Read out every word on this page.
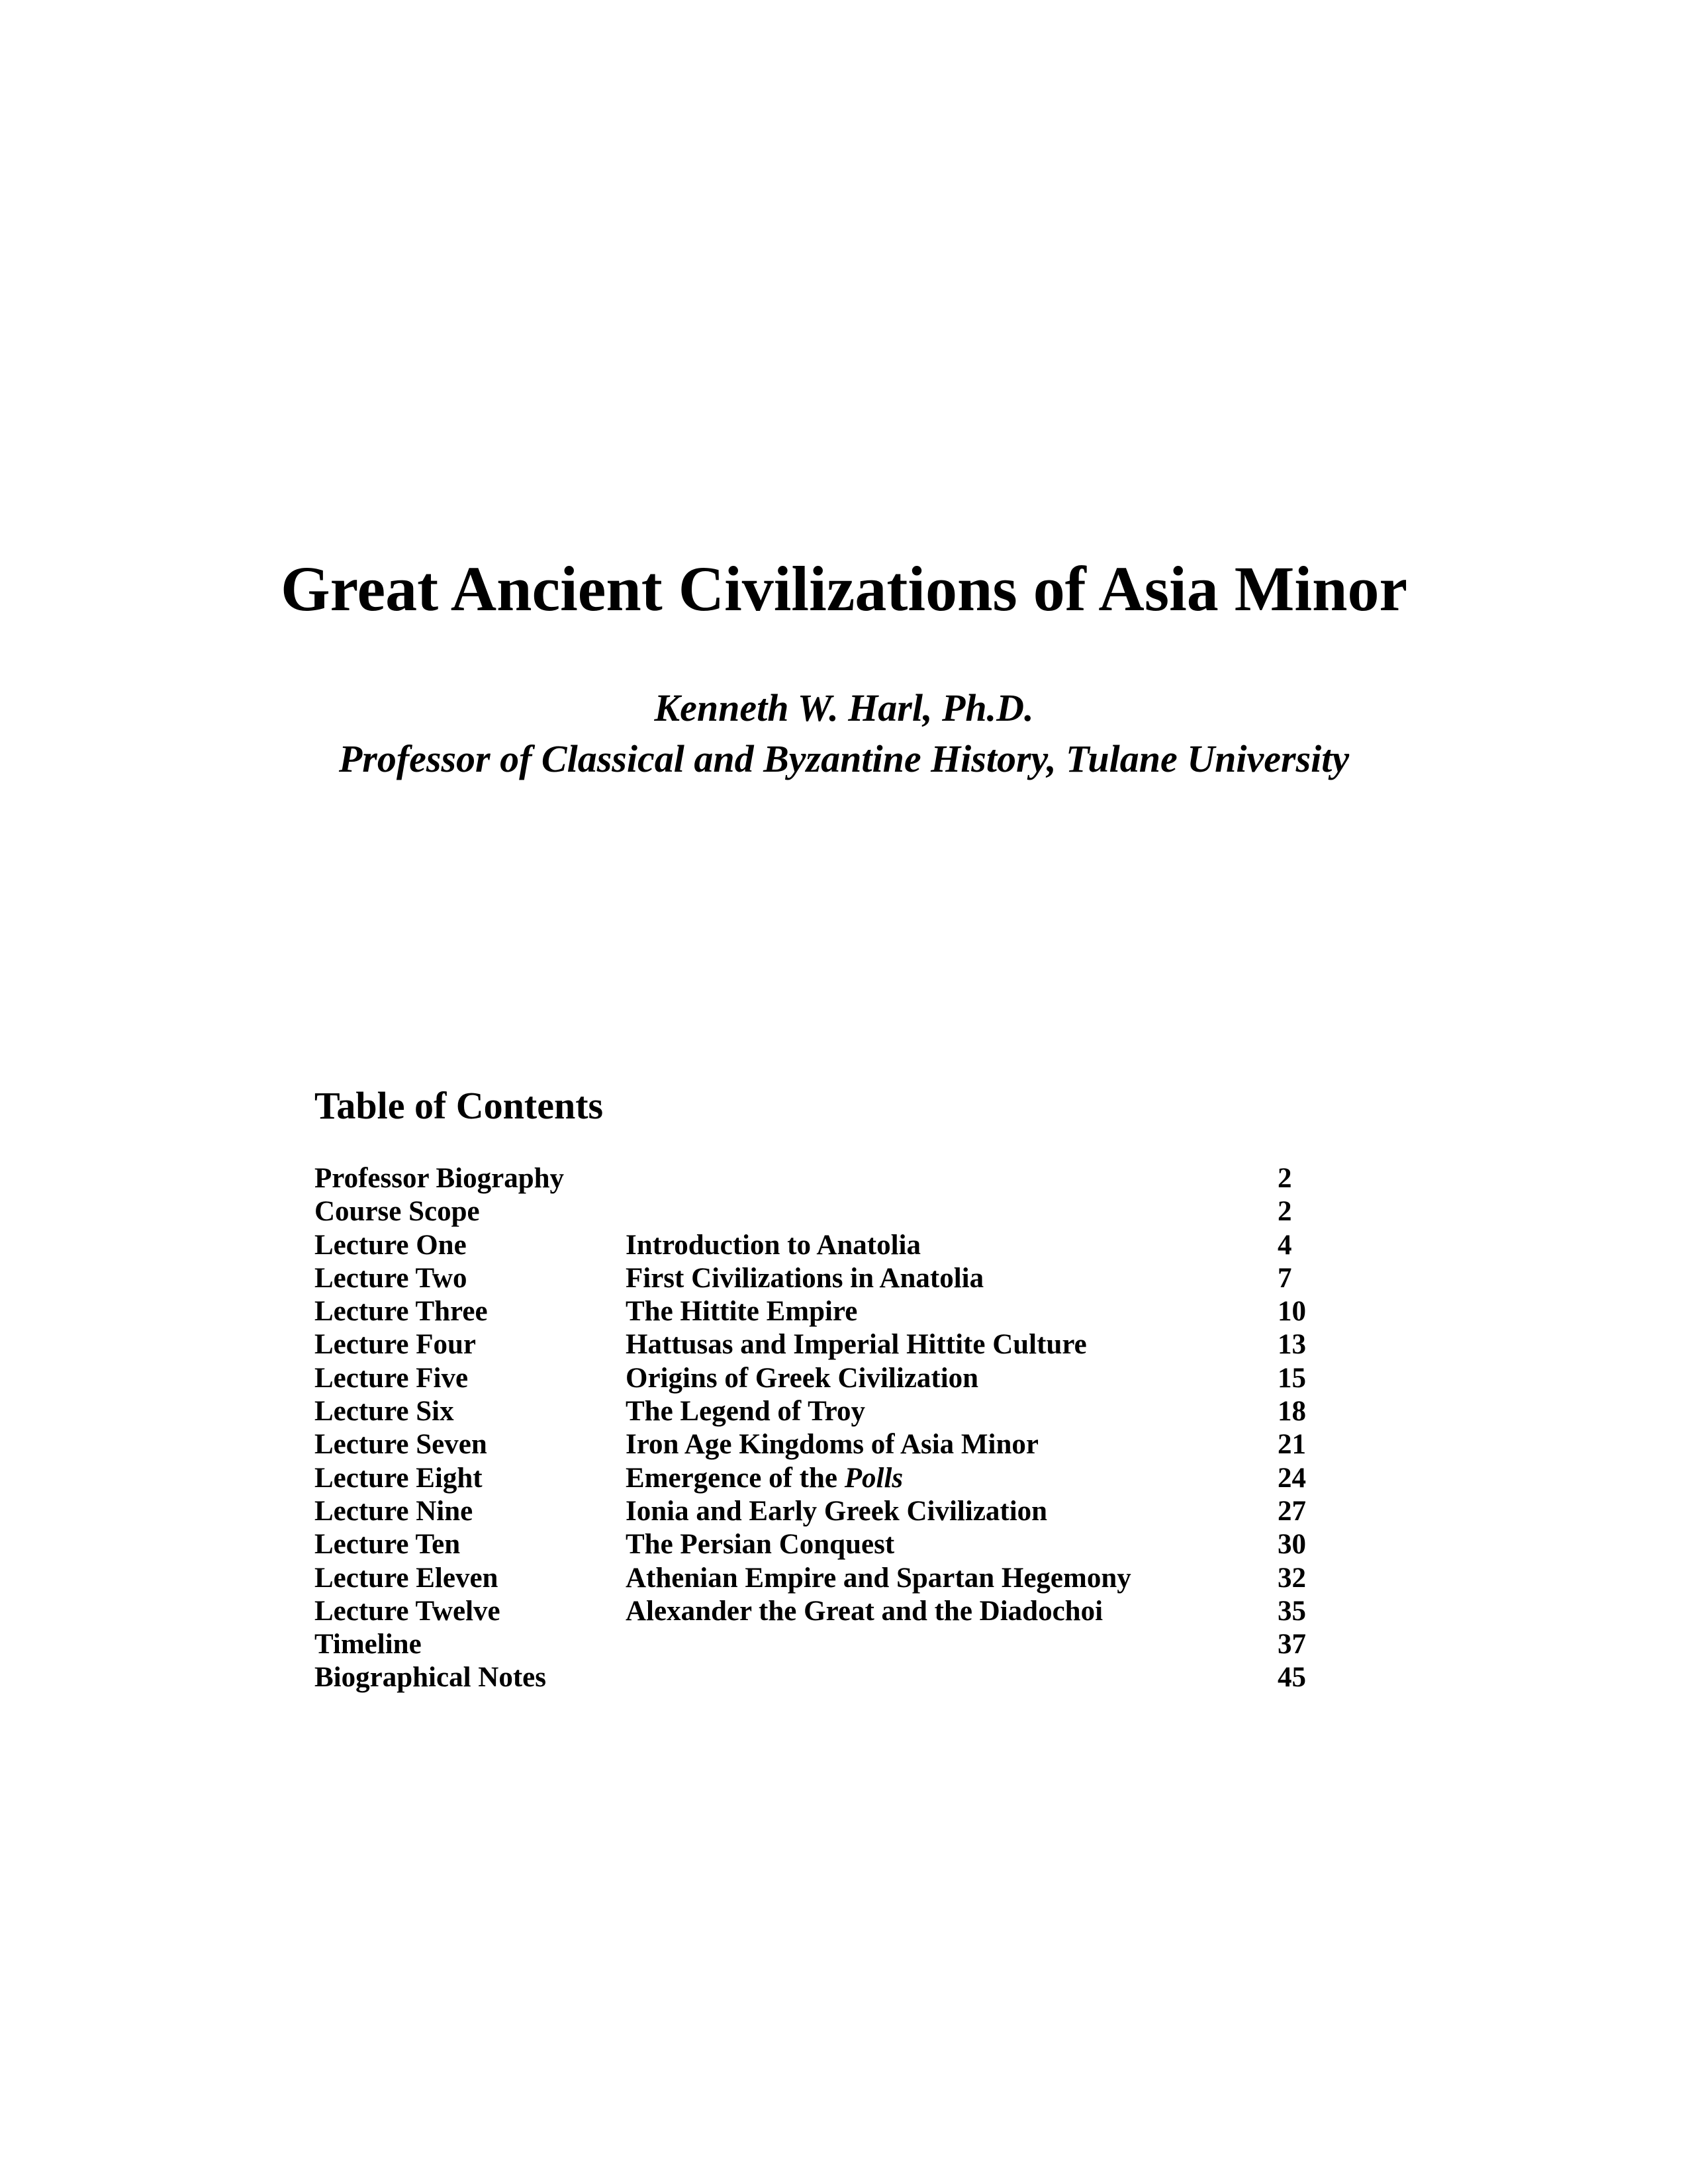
Great Ancient Civilizations of Asia Minor

Kenneth W. Harl, Ph.D.

Professor of Classical and Byzantine History, Tulane University

Table of Contents
Professor Biography	2
Course Scope	2
Lecture One	Introduction to Anatolia	4
Lecture Two	First Civilizations in Anatolia	7
Lecture Three	The Hittite Empire	10
Lecture Four	Hattusas and Imperial Hittite Culture	13
Lecture Five	Origins of Greek Civilization	15
Lecture Six	The Legend of Troy	18
Lecture Seven	Iron Age Kingdoms of Asia Minor	21
Lecture Eight	Emergence of the Polls	24
Lecture Nine	Ionia and Early Greek Civilization	27
Lecture Ten	The Persian Conquest	30
Lecture Eleven	Athenian Empire and Spartan Hegemony	32
Lecture Twelve	Alexander the Great and the Diadochoi	35
Timeline	37
Biographical Notes	45
